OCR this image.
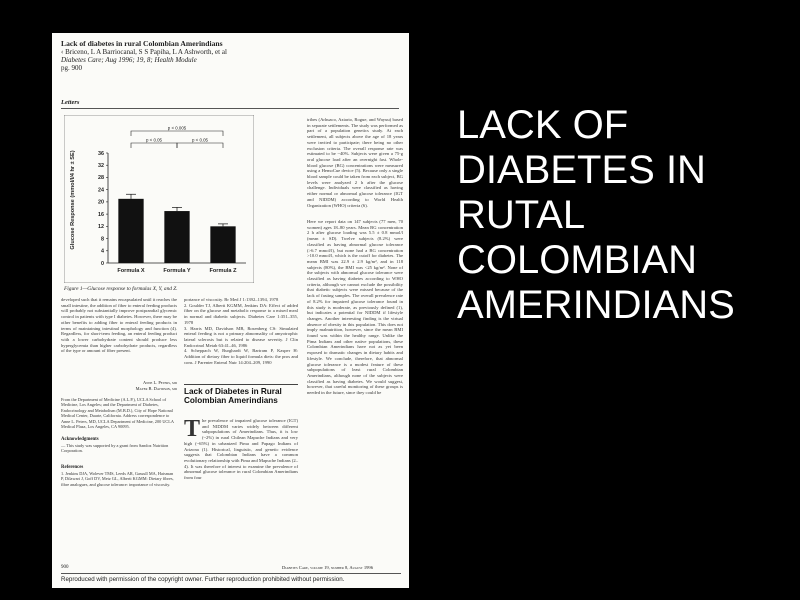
Lack of diabetes in rural Colombian Amerindians
‹ Briceno, L A Barriocanal, S S Papiha, L A Ashworth, et al
Diabetes Care; Aug 1996; 19, 8; Health Module
pg. 900
Letters
Glucose Response (mmol/l/4 hr ± SE)	36
32
28
24
20
16
12
8
4
0
p < 0.005
p < 0.05	p < 0.05
Formula X	Formula Y	Formula Z
Figure 1—Glucose response to formulas X, Y, and Z.
developed such that it remains encapsulated until it reaches the small intestine, the addition of fiber to enteral feeding products will probably not substantially improve postprandial glycemic control in patients with type I diabetes. However, there may be other benefits to adding fiber to enteral feeding products in terms of maintaining intestinal morphology and function (4). Regardless, for short-term feeding, an enteral feeding product with a lower carbohydrate content should produce less hyperglycemia than higher carbohydrate products, regardless of the type or amount of fiber present.
Anne L. Peters, md
Mayer B. Davidson, md
From the Department of Medicine (A.L.P.), UCLA School of Medicine, Los Angeles; and the Department of Diabetes, Endocrinology and Metabolism (M.B.D.), City of Hope National Medical Center, Duarte, California. Address correspondence to Anne L. Peters, MD, UCLA Department of Medicine, 200 UCLA Medical Plaza, Los Angeles, CA 90095.
Acknowledgments
— This study was supported by a grant from Sandoz Nutrition Corporation.
References
1. Jenkins DJA, Wolever TMS, Leeds AR, Gassull MA, Haisman P, Dilawari J, Goff DV, Metz GL, Alberti KGMM: Dietary fibres, fibre analogues, and glucose tolerance: importance of viscosity.
portance of viscosity. Br Med J 1:1392–1394, 1978
2. Goulder TJ, Alberti KGMM, Jenkins DA: Effect of added fiber on the glucose and metabolic response to a mixed meal in normal and diabetic subjects. Diabetes Care 1:351–355, 1978
3. Harris MD, Davidson MB, Rosenberg CS: Simulated enteral feeding is not a primary abnormality of amyotrophic lateral sclerosis but is related to disease severity. J Clin Endocrinol Metab 63:41–46, 1986
4. Scheppach W, Burghardt W, Bartram P, Kasper H: Addition of dietary fiber to liquid formula diets: the pros and cons. J Parenter Enteral Nutr 14:204–209, 1990
Lack of Diabetes in Rural Colombian Amerindians
The prevalence of impaired glucose tolerance (IGT) and NIDDM varies widely between different subpopulations of Amerindians. Thus, it is low (~2%) in rural Chilean Mapuche Indians and very high (~65%) in urbanized Pima and Papago Indians of Arizona (1). Historical, linguistic, and genetic evidence suggests that Colombian Indians have a common evolutionary relationship with Pima and Mapuche Indians (2–4). It was therefore of interest to examine the prevalence of abnormal glucose tolerance in rural Colombian Amerindians from four
tribes (Arhuaco, Aziario, Rogue, and Wayuu) based in separate settlements. The study was performed as part of a population genetics study. At each settlement, all subjects above the age of 18 years were invited to participate; there being no other exclusion criteria. The overall response rate was estimated to be ~40%. Subjects were given a 75-g oral glucose load after an overnight fast. Whole-blood glucose (BG) concentrations were measured using a HemoCue device (5). Because only a single blood sample could be taken from each subject, BG levels were analyzed 2 h after the glucose challenge. Individuals were classified as having either normal or abnormal glucose tolerance (IGT and NIDDM) according to World Health Organization (WHO) criteria (6).
Here we report data on 147 subjects (77 men, 70 women) ages 18–80 years. Mean BG concentration 2 h after glucose loading was 5.5 ± 0.8 mmol/l (mean ± SD). Twelve subjects (8.2%) were classified as having abnormal glucose tolerance (>6.7 mmol/l), but none had a BG concentration >10.0 mmol/l, which is the cutoff for diabetes. The mean BMI was 22.9 ± 2.9 kg/m², and in 118 subjects (80%), the BMI was <25 kg/m². None of the subjects with abnormal glucose tolerance were classified as having diabetes according to WHO criteria, although we cannot exclude the possibility that diabetic subjects were missed because of the lack of fasting samples. The overall prevalence rate of 8.2% for impaired glucose tolerance found in this study is moderate, as previously defined (1), but indicates a potential for NIDDM if lifestyle changes. Another interesting finding is the virtual absence of obesity in this population. This does not imply malnutrition, however, since the mean BMI found was within the healthy range. Unlike the Pima Indians and other native populations, these Colombian Amerindians have not as yet been exposed to dramatic changes in dietary habits and lifestyle. We conclude, therefore, that abnormal glucose tolerance is a modest feature of these subpopulations of least rural Colombian Amerindians, although none of the subjects were classified as having diabetes. We would suggest, however, that careful monitoring of these groups is needed in the future, since they could be
900	Diabetes Care, volume 19, number 8, August 1996
Reproduced with permission of the copyright owner. Further reproduction prohibited without permission.
LACK OF
DIABETES IN
RUTAL
COLOMBIAN
AMERINDIANS
